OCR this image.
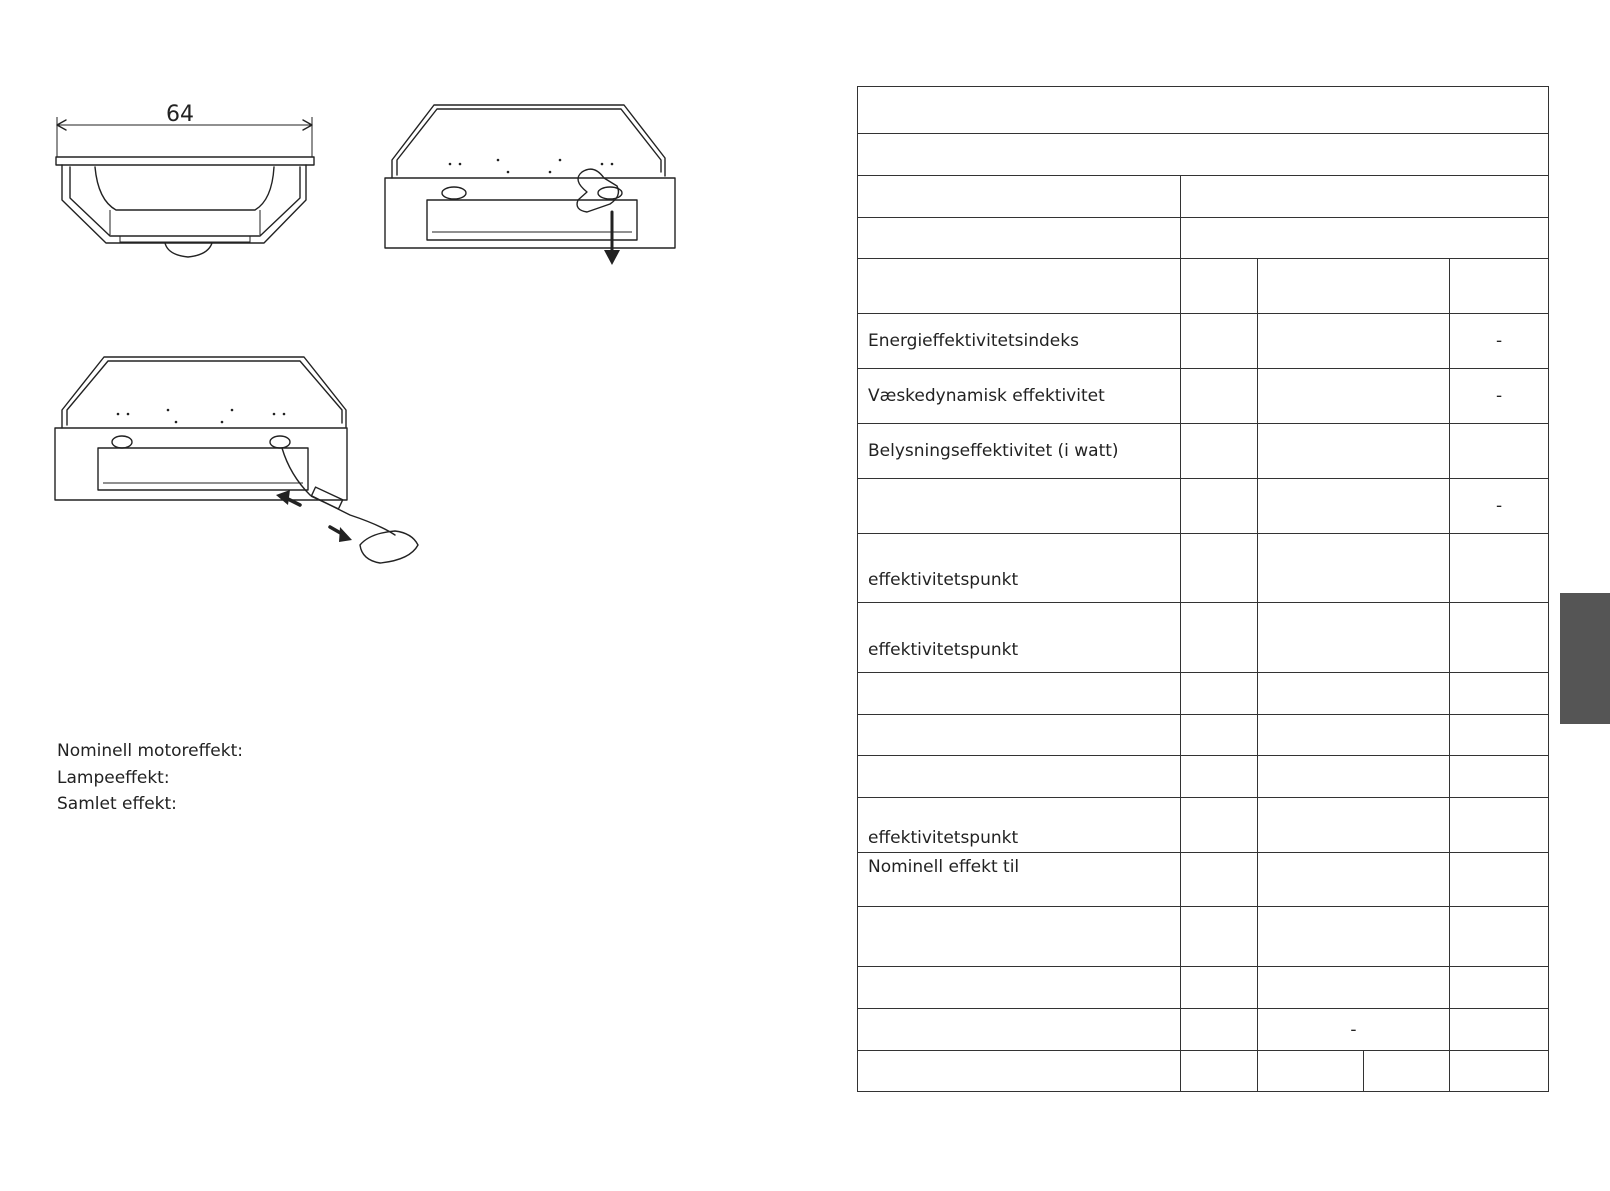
64
Nominell motoreffekt:
Lampeeffekt:
Samlet effekt:

Energieffektivitetsindeks				-
Væskedynamisk effektivitet				-
Belysningseffektivitet (i watt)				
				-
effektivitetspunkt				
effektivitetspunkt				

effektivitetspunkt				
Nominell effekt til				

		-		
